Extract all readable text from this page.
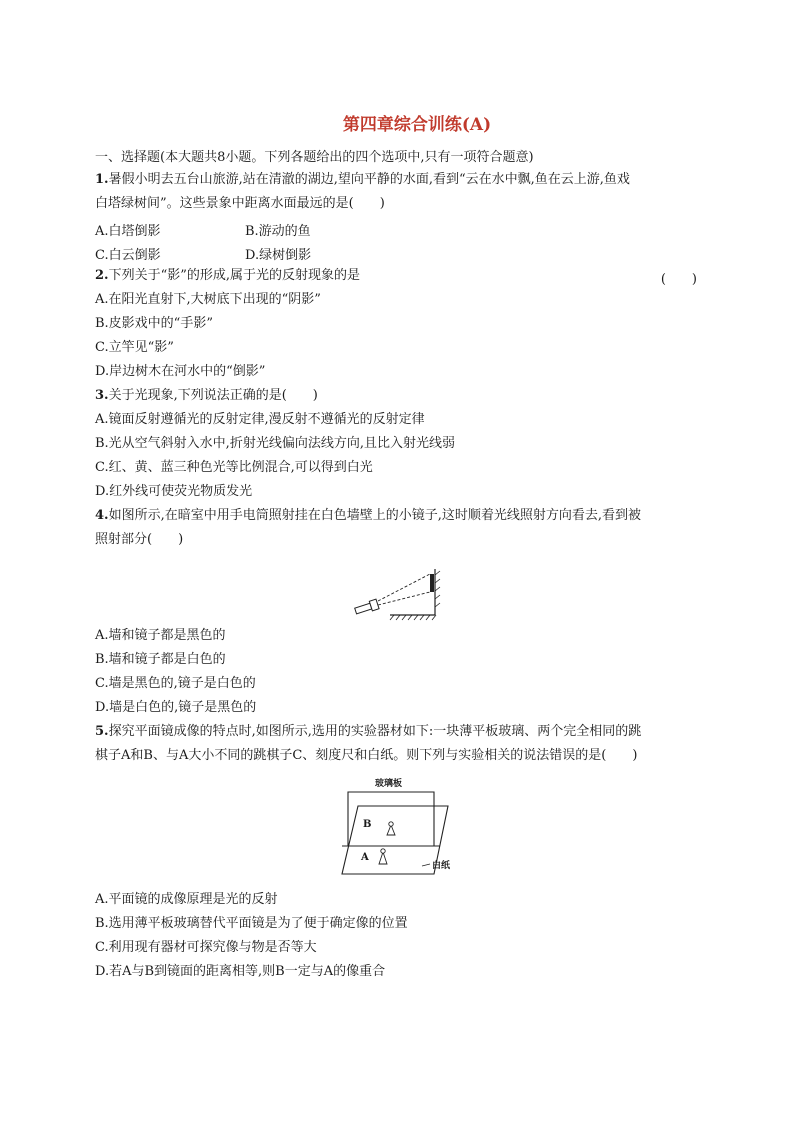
第四章综合训练(A)
一、选择题(本大题共8小题。下列各题给出的四个选项中,只有一项符合题意)
1.暑假小明去五台山旅游,站在清澈的湖边,望向平静的水面,看到“云在水中飘,鱼在云上游,鱼戏
白塔绿树间”。这些景象中距离水面最远的是(　　)
A.白塔倒影	B.游动的鱼
C.白云倒影	D.绿树倒影
2.下列关于“影”的形成,属于光的反射现象的是	(　　)
A.在阳光直射下,大树底下出现的“阴影”
B.皮影戏中的“手影”
C.立竿见“影”
D.岸边树木在河水中的“倒影”
3.关于光现象,下列说法正确的是(　　)
A.镜面反射遵循光的反射定律,漫反射不遵循光的反射定律
B.光从空气斜射入水中,折射光线偏向法线方向,且比入射光线弱
C.红、黄、蓝三种色光等比例混合,可以得到白光
D.红外线可使荧光物质发光
4.如图所示,在暗室中用手电筒照射挂在白色墙壁上的小镜子,这时顺着光线照射方向看去,看到被
照射部分(　　)
A.墙和镜子都是黑色的
B.墙和镜子都是白色的
C.墙是黑色的,镜子是白色的
D.墙是白色的,镜子是黑色的
5.探究平面镜成像的特点时,如图所示,选用的实验器材如下:一块薄平板玻璃、两个完全相同的跳
棋子A和B、与A大小不同的跳棋子C、刻度尺和白纸。则下列与实验相关的说法错误的是(　　)
玻璃板
B
A
白纸
A.平面镜的成像原理是光的反射
B.选用薄平板玻璃替代平面镜是为了便于确定像的位置
C.利用现有器材可探究像与物是否等大
D.若A与B到镜面的距离相等,则B一定与A的像重合
